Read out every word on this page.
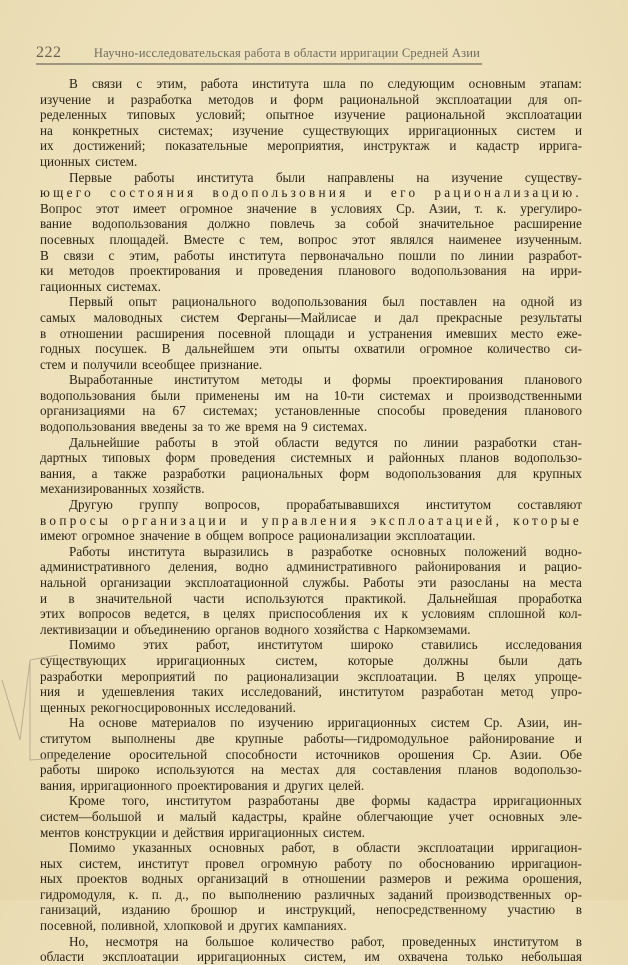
222	Научно-исследовательская работа в области ирригации Средней Азии
В связи с этим, работа института шла по следующим основным этапам:
изучение и разработка методов и форм рациональной эксплоатации для оп-
ределенных типовых условий; опытное изучение рациональной эксплоатации
на конкретных системах; изучение существующих ирригационных систем и
их достижений; показательные мероприятия, инструктаж и кадастр иррига-
ционных систем.
Первые работы института были направлены на изучение существу-
ющего состояния водопользовния и его рационализацию.
Вопрос этот имеет огромное значение в условиях Ср. Азии, т. к. урегулиро-
вание водопользования должно повлечь за собой значительное расширение
посевных площадей. Вместе с тем, вопрос этот являлся наименее изученным.
В связи с этим, работы института первоначально пошли по линии разработ-
ки методов проектирования и проведения планового водопользования на ирри-
гационных системах.
Первый опыт рационального водопользования был поставлен на одной из
самых маловодных систем Ферганы—Майлисае и дал прекрасные результаты
в отношении расширения посевной площади и устранения имевших место еже-
годных посушек. В дальнейшем эти опыты охватили огромное количество си-
стем и получили всеобщее признание.
Выработанные институтом методы и формы проектирования планового
водопользования были применены им на 10-ти системах и производственными
организациями на 67 системах; установленные способы проведения планового
водопользования введены за то же время на 9 системах.
Дальнейшие работы в этой области ведутся по линии разработки стан-
дартных типовых форм проведения системных и районных планов водопользо-
вания, а также разработки рациональных форм водопользования для крупных
механизированных хозяйств.
Другую группу вопросов, прорабатывавшихся институтом составляют
вопросы организации и управления эксплоатацией, которые
имеют огромное значение в общем вопросе рационализации эксплоатации.
Работы института выразились в разработке основных положений водно-
административного деления, водно административного районирования и рацио-
нальной организации эксплоатационной службы. Работы эти разосланы на места
и в значительной части используются практикой. Дальнейшая проработка
этих вопросов ведется, в целях приспособления их к условиям сплошной кол-
лективизации и объединению органов водного хозяйства с Наркомземами.
Помимо этих работ, институтом широко ставились исследования
существующих ирригационных систем, которые должны были дать
разработки мероприятий по рационализации эксплоатации. В целях упроще-
ния и удешевления таких исследований, институтом разработан метод упро-
щенных рекогносцировонных исследований.
На основе материалов по изучению ирригационных систем Ср. Азии, ин-
ститутом выполнены две крупные работы—гидромодульное районирование и
определение оросительной способности источников орошения Ср. Азии. Обе
работы широко используются на местах для составления планов водопользо-
вания, ирригационного проектирования и других целей.
Кроме того, институтом разработаны две формы кадастра ирригационных
систем—большой и малый кадастры, крайне облегчающие учет основных эле-
ментов конструкции и действия ирригационных систем.
Помимо указанных основных работ, в области эксплоатации ирригацион-
ных систем, институт провел огромную работу по обоснованию ирригацион-
ных проектов водных организаций в отношении размеров и режима орошения,
гидромодуля, к. п. д., по выполнению различных заданий производственных ор-
ганизаций, изданию брошюр и инструкций, непосредственному участию в
посевной, поливной, хлопковой и других кампаниях.
Но, несмотря на большое количество работ, проведенных институтом в
области эксплоатации ирригационных систем, им охвачена только небольшая
